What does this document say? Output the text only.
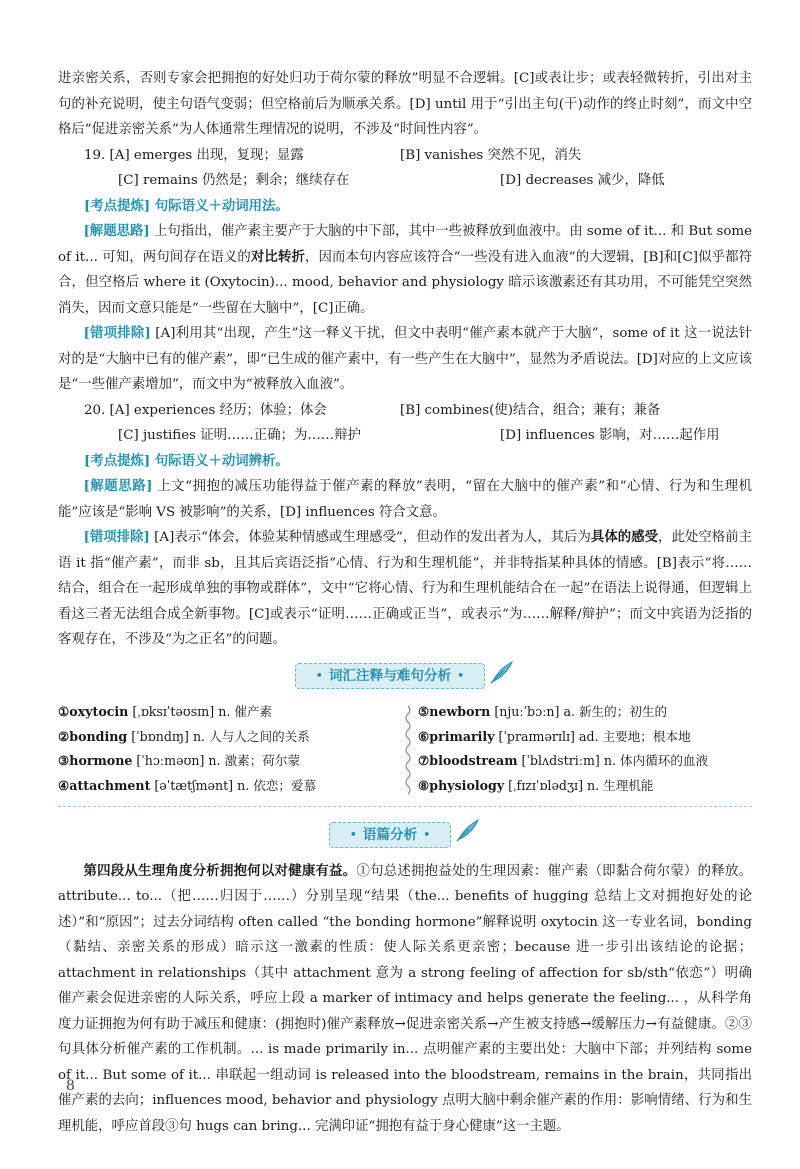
进亲密关系，否则专家会把拥抱的好处归功于荷尔蒙的释放”明显不合逻辑。[C]或表让步；或表轻微转折，引出对主句的补充说明，使主句语气变弱；但空格前后为顺承关系。[D] until 用于“引出主句(干)动作的终止时刻”，而文中空格后“促进亲密关系”为人体通常生理情况的说明，不涉及“时间性内容”。

19. [A] emerges 出现，复现；显露	[B] vanishes 突然不见，消失
[C] remains 仍然是；剩余；继续存在	[D] decreases 减少，降低
[考点提炼] 句际语义＋动词用法。

[解题思路] 上句指出，催产素主要产于大脑的中下部，其中一些被释放到血液中。由 some of it... 和 But some of it... 可知，两句间存在语义的对比转折，因而本句内容应该符合“一些没有进入血液”的大逻辑，[B]和[C]似乎都符合，但空格后 where it (Oxytocin)... mood, behavior and physiology 暗示该激素还有其功用，不可能凭空突然消失，因而文意只能是“一些留在大脑中”，[C]正确。

[错项排除] [A]利用其“出现，产生”这一释义干扰，但文中表明“催产素本就产于大脑”，some of it 这一说法针对的是“大脑中已有的催产素”，即“已生成的催产素中，有一些产生在大脑中”，显然为矛盾说法。[D]对应的上文应该是“一些催产素增加”，而文中为“被释放入血液”。

20. [A] experiences 经历；体验；体会	[B] combines(使)结合，组合；兼有；兼备
[C] justifies 证明……正确；为……辩护	[D] influences 影响，对……起作用
[考点提炼] 句际语义＋动词辨析。

[解题思路] 上文“拥抱的减压功能得益于催产素的释放”表明，“留在大脑中的催产素”和“心情、行为和生理机能”应该是“影响 VS 被影响”的关系，[D] influences 符合文意。

[错项排除] [A]表示“体会，体验某种情感或生理感受”，但动作的发出者为人，其后为具体的感受，此处空格前主语 it 指“催产素”，而非 sb，且其后宾语泛指“心情、行为和生理机能”，并非特指某种具体的情感。[B]表示“将……结合，组合在一起形成单独的事物或群体”，文中“它将心情、行为和生理机能结合在一起”在语法上说得通，但逻辑上看这三者无法组合成全新事物。[C]或表示“证明……正确或正当”，或表示“为……解释/辩护”；而文中宾语为泛指的客观存在，不涉及“为之正名”的问题。

• 词汇注释与难句分析 •
①oxytocin [ˌɒksɪˈtəʊsɪn] n. 催产素
②bonding [ˈbɒndɪŋ] n. 人与人之间的关系
③hormone [ˈhɔːmәʊn] n. 激素；荷尔蒙
④attachment [əˈtætʃmənt] n. 依恋；爱慕
⑤newborn [njuːˈbɔːn] a. 新生的；初生的
⑥primarily [ˈpraɪmərɪlɪ] ad. 主要地；根本地
⑦bloodstream [ˈblʌdstriːm] n. 体内循环的血液
⑧physiology [ˌfɪzɪˈɒlədʒɪ] n. 生理机能
• 语篇分析 •

第四段从生理角度分析拥抱何以对健康有益。①句总述拥抱益处的生理因素：催产素（即黏合荷尔蒙）的释放。attribute... to...（把……归因于……）分别呈现“结果（the... benefits of hugging 总结上文对拥抱好处的论述）”和“原因”；过去分词结构 often called “the bonding hormone”解释说明 oxytocin 这一专业名词，bonding（黏结、亲密关系的形成）暗示这一激素的性质：使人际关系更亲密；because 进一步引出该结论的论据；attachment in relationships（其中 attachment 意为 a strong feeling of affection for sb/sth“依恋”）明确催产素会促进亲密的人际关系，呼应上段 a marker of intimacy and helps generate the feeling... ，从科学角度力证拥抱为何有助于减压和健康：(拥抱时)催产素释放→促进亲密关系→产生被支持感→缓解压力→有益健康。②③句具体分析催产素的工作机制。... is made primarily in... 点明催产素的主要出处：大脑中下部；并列结构 some of it... But some of it... 串联起一组动词 is released into the bloodstream, remains in the brain，共同指出催产素的去向；influences mood, behavior and physiology 点明大脑中剩余催产素的作用：影响情绪、行为和生理机能，呼应首段③句 hugs can bring... 完满印证“拥抱有益于身心健康”这一主题。

8
